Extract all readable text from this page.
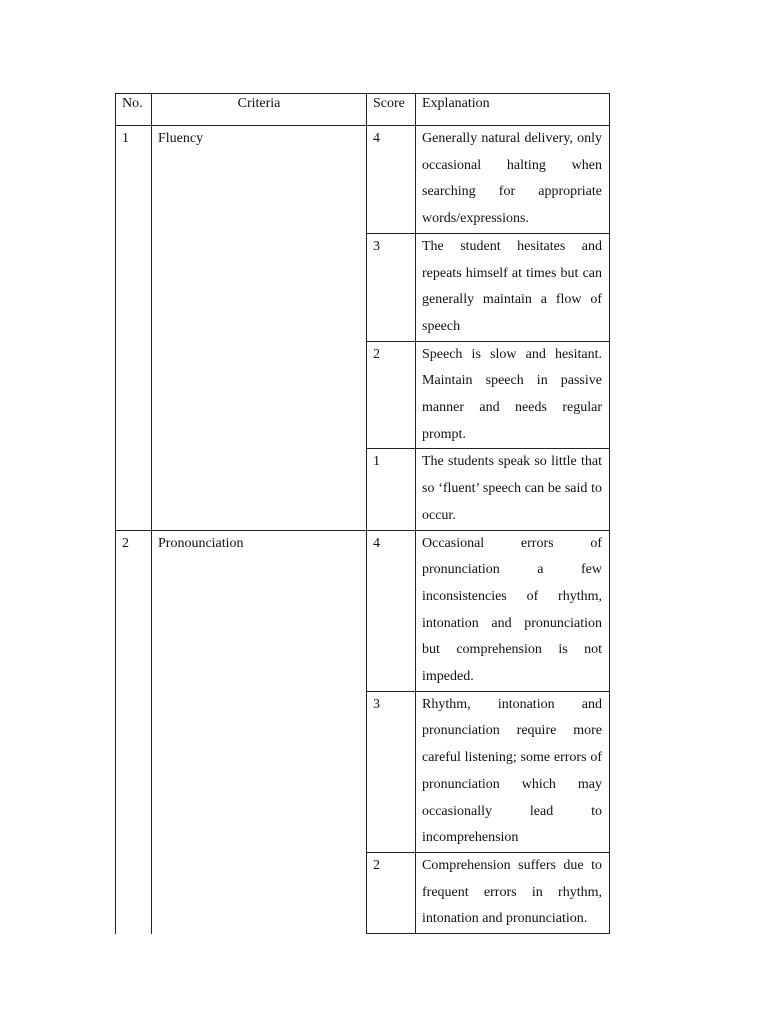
No.	Criteria	Score	Explanation
1	Fluency	4	Generally natural delivery, only occasional halting when searching for appropriate words/expressions.
		3	The student hesitates and repeats himself at times but can generally maintain a flow of speech
		2	Speech is slow and hesitant. Maintain speech in passive manner and needs regular prompt.
		1	The students speak so little that so ‘fluent’ speech can be said to occur.
2	Pronounciation	4	Occasional errors of pronunciation a few inconsistencies of rhythm, intonation and pronunciation but comprehension is not impeded.
		3	Rhythm, intonation and pronunciation require more careful listening; some errors of pronunciation which may occasionally lead to incomprehension
		2	Comprehension suffers due to frequent errors in rhythm, intonation and pronunciation.
